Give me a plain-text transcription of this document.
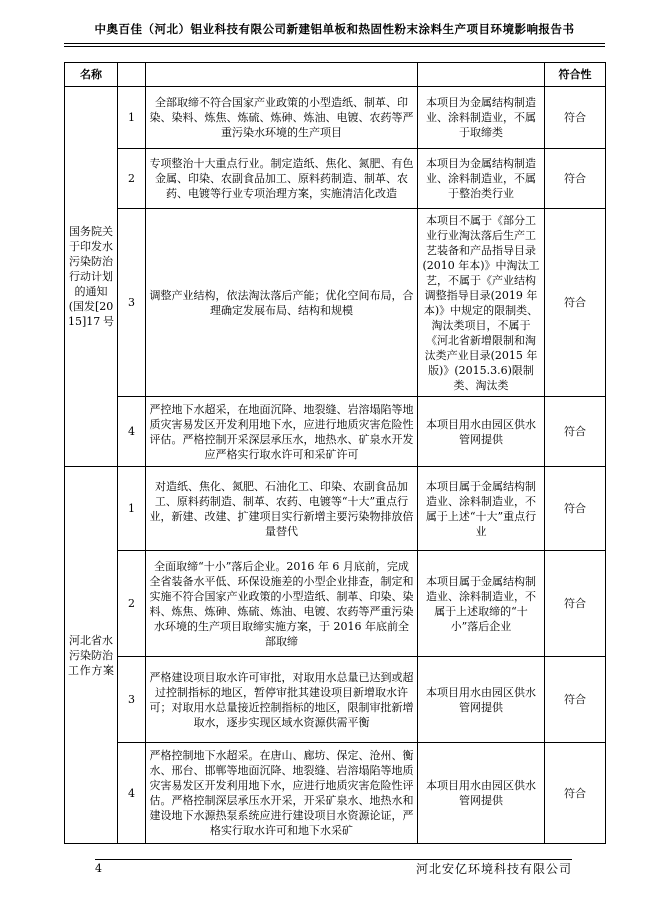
中奥百佳（河北）铝业科技有限公司新建铝单板和热固性粉末涂料生产项目环境影响报告书
名称				符合性
国务院关于印发水污染防治行动计划的通知(国发[2015]17号	1	全部取缔不符合国家产业政策的小型造纸、制革、印染、染料、炼焦、炼硫、炼砷、炼油、电镀、农药等严重污染水环境的生产项目	本项目为金属结构制造业、涂料制造业，不属于取缔类	符合
	2	专项整治十大重点行业。制定造纸、焦化、氮肥、有色金属、印染、农副食品加工、原料药制造、制革、农药、电镀等行业专项治理方案，实施清洁化改造	本项目为金属结构制造业、涂料制造业，不属于整治类行业	符合
	3	调整产业结构，依法淘汰落后产能；优化空间布局，合理确定发展布局、结构和规模	本项目不属于《部分工业行业淘汰落后生产工艺装备和产品指导目录(2010 年本)》中淘汰工艺，不属于《产业结构调整指导目录(2019 年本)》中规定的限制类、淘汰类项目，不属于《河北省新增限制和淘汰类产业目录(2015 年版)》(2015.3.6)限制类、淘汰类	符合
	4	严控地下水超采，在地面沉降、地裂缝、岩溶塌陷等地质灾害易发区开发利用地下水，应进行地质灾害危险性评估。严格控制开采深层承压水，地热水、矿泉水开发应严格实行取水许可和采矿许可	本项目用水由园区供水管网提供	符合
河北省水污染防治工作方案	1	对造纸、焦化、氮肥、石油化工、印染、农副食品加工、原料药制造、制革、农药、电镀等“十大”重点行业，新建、改建、扩建项目实行新增主要污染物排放倍量替代	本项目属于金属结构制造业、涂料制造业，不属于上述“十大”重点行业	符合
	2	全面取缔“十小”落后企业。2016 年 6 月底前，完成全省装备水平低、环保设施差的小型企业排查，制定和实施不符合国家产业政策的小型造纸、制革、印染、染料、炼焦、炼砷、炼硫、炼油、电镀、农药等严重污染水环境的生产项目取缔实施方案，于 2016 年底前全部取缔	本项目属于金属结构制造业、涂料制造业，不属于上述取缔的“十小”落后企业	符合
	3	严格建设项目取水许可审批，对取用水总量已达到或超过控制指标的地区，暂停审批其建设项目新增取水许可；对取用水总量接近控制指标的地区，限制审批新增取水，逐步实现区域水资源供需平衡	本项目用水由园区供水管网提供	符合
	4	严格控制地下水超采。在唐山、廊坊、保定、沧州、衡水、邢台、邯郸等地面沉降、地裂缝、岩溶塌陷等地质灾害易发区开发利用地下水，应进行地质灾害危险性评估。严格控制深层承压水开采，开采矿泉水、地热水和建设地下水源热泵系统应进行建设项目水资源论证，严格实行取水许可和地下水采矿	本项目用水由园区供水管网提供	符合
4	河北安亿环境科技有限公司
